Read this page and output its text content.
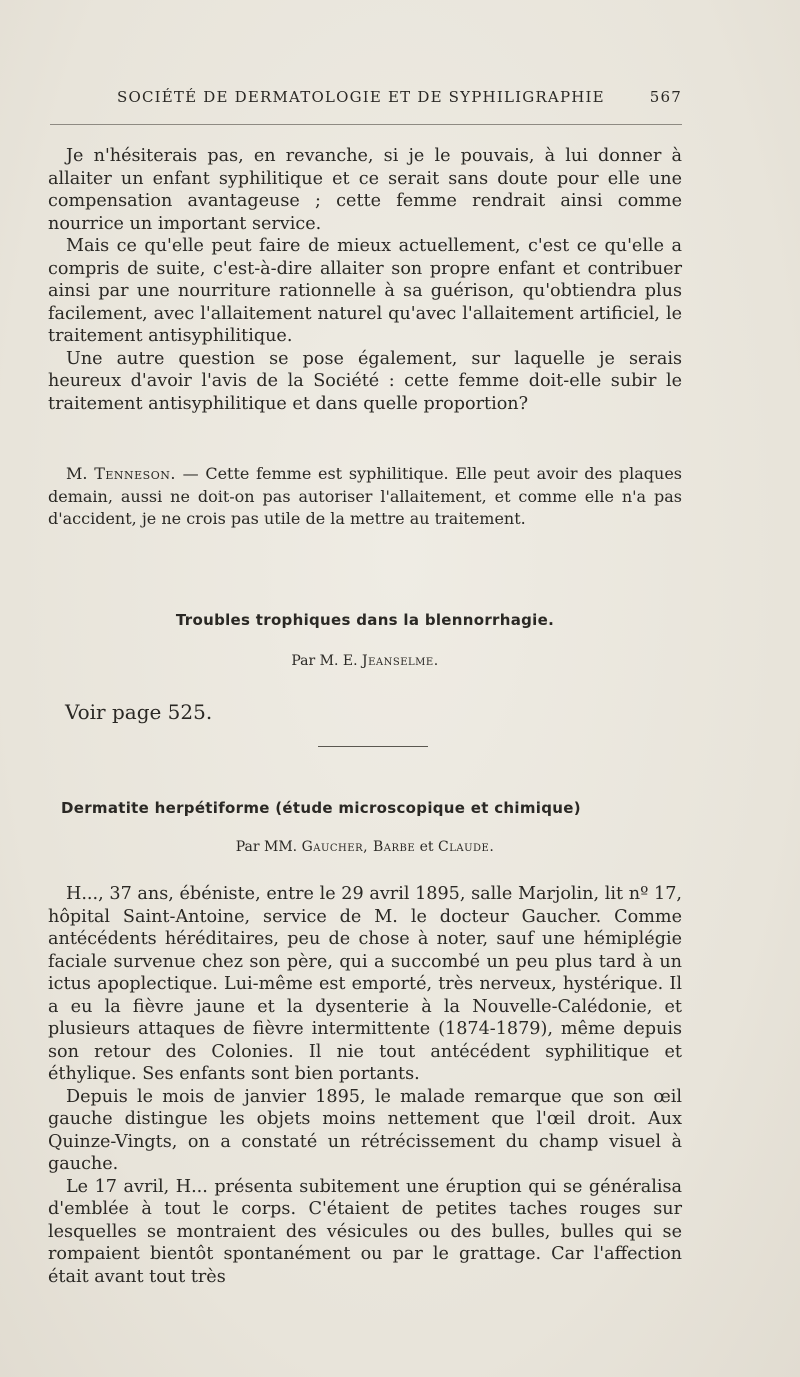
SOCIÉTÉ DE DERMATOLOGIE ET DE SYPHILIGRAPHIE	567

Je n'hésiterais pas, en revanche, si je le pouvais, à lui donner à allaiter un enfant syphilitique et ce serait sans doute pour elle une compensation avantageuse ; cette femme rendrait ainsi comme nourrice un important service.

Mais ce qu'elle peut faire de mieux actuellement, c'est ce qu'elle a compris de suite, c'est-à-dire allaiter son propre enfant et contribuer ainsi par une nourriture rationnelle à sa guérison, qu'obtiendra plus facilement, avec l'allaitement naturel qu'avec l'allaitement artificiel, le traitement antisyphilitique.

Une autre question se pose également, sur laquelle je serais heureux d'avoir l'avis de la Société : cette femme doit-elle subir le traitement antisyphilitique et dans quelle proportion?

M. Tenneson. — Cette femme est syphilitique. Elle peut avoir des plaques demain, aussi ne doit-on pas autoriser l'allaitement, et comme elle n'a pas d'accident, je ne crois pas utile de la mettre au traitement.

Troubles trophiques dans la blennorrhagie.
Par M. E. Jeanselme.
Voir page 525.
Dermatite herpétiforme (étude microscopique et chimique)
Par MM. Gaucher, Barbe et Claude.

H..., 37 ans, ébéniste, entre le 29 avril 1895, salle Marjolin, lit nº 17, hôpital Saint-Antoine, service de M. le docteur Gaucher. Comme antécédents héréditaires, peu de chose à noter, sauf une hémiplégie faciale survenue chez son père, qui a succombé un peu plus tard à un ictus apoplectique. Lui-même est emporté, très nerveux, hystérique. Il a eu la fièvre jaune et la dysenterie à la Nouvelle-Calédonie, et plusieurs attaques de fièvre intermittente (1874-1879), même depuis son retour des Colonies. Il nie tout antécédent syphilitique et éthylique. Ses enfants sont bien portants.

Depuis le mois de janvier 1895, le malade remarque que son œil gauche distingue les objets moins nettement que l'œil droit. Aux Quinze-Vingts, on a constaté un rétrécissement du champ visuel à gauche.

Le 17 avril, H... présenta subitement une éruption qui se généralisa d'emblée à tout le corps. C'étaient de petites taches rouges sur lesquelles se montraient des vésicules ou des bulles, bulles qui se rompaient bientôt spontanément ou par le grattage. Car l'affection était avant tout très
